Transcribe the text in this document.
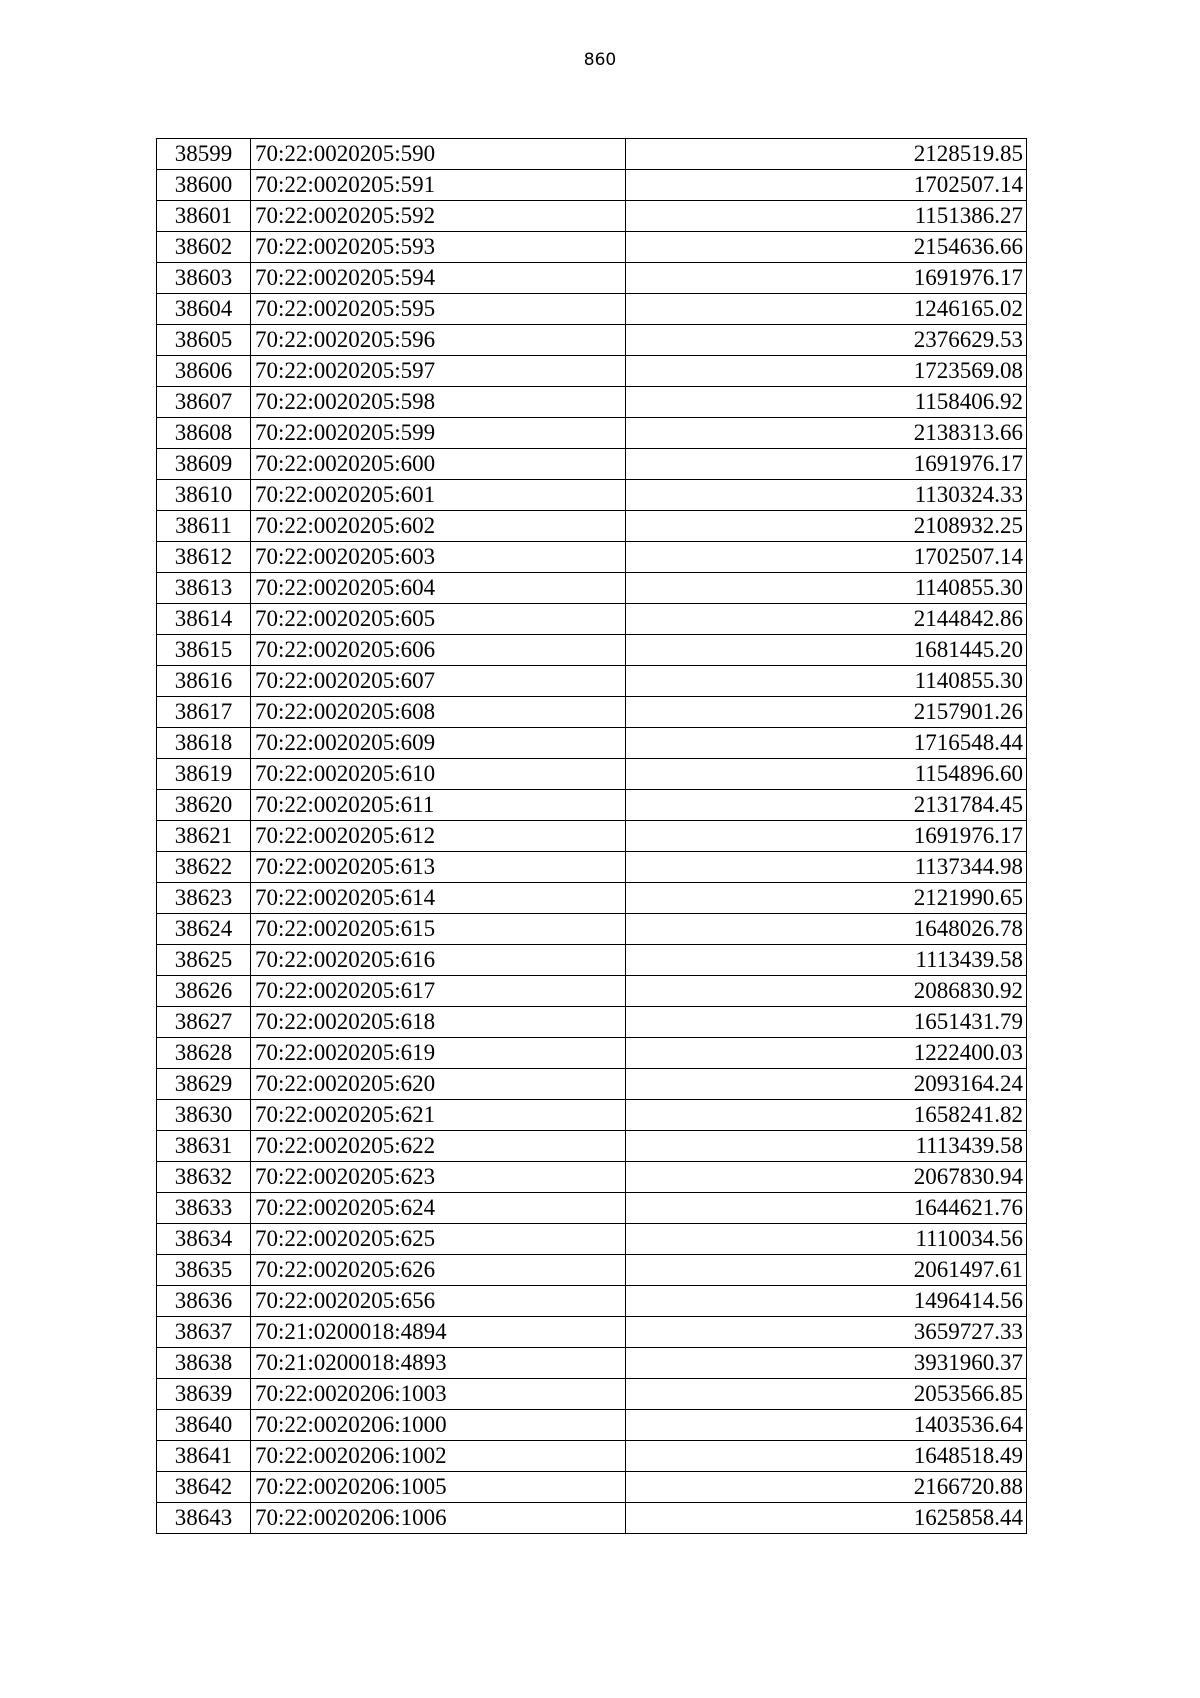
860
38599	70:22:0020205:590	2128519.85
38600	70:22:0020205:591	1702507.14
38601	70:22:0020205:592	1151386.27
38602	70:22:0020205:593	2154636.66
38603	70:22:0020205:594	1691976.17
38604	70:22:0020205:595	1246165.02
38605	70:22:0020205:596	2376629.53
38606	70:22:0020205:597	1723569.08
38607	70:22:0020205:598	1158406.92
38608	70:22:0020205:599	2138313.66
38609	70:22:0020205:600	1691976.17
38610	70:22:0020205:601	1130324.33
38611	70:22:0020205:602	2108932.25
38612	70:22:0020205:603	1702507.14
38613	70:22:0020205:604	1140855.30
38614	70:22:0020205:605	2144842.86
38615	70:22:0020205:606	1681445.20
38616	70:22:0020205:607	1140855.30
38617	70:22:0020205:608	2157901.26
38618	70:22:0020205:609	1716548.44
38619	70:22:0020205:610	1154896.60
38620	70:22:0020205:611	2131784.45
38621	70:22:0020205:612	1691976.17
38622	70:22:0020205:613	1137344.98
38623	70:22:0020205:614	2121990.65
38624	70:22:0020205:615	1648026.78
38625	70:22:0020205:616	1113439.58
38626	70:22:0020205:617	2086830.92
38627	70:22:0020205:618	1651431.79
38628	70:22:0020205:619	1222400.03
38629	70:22:0020205:620	2093164.24
38630	70:22:0020205:621	1658241.82
38631	70:22:0020205:622	1113439.58
38632	70:22:0020205:623	2067830.94
38633	70:22:0020205:624	1644621.76
38634	70:22:0020205:625	1110034.56
38635	70:22:0020205:626	2061497.61
38636	70:22:0020205:656	1496414.56
38637	70:21:0200018:4894	3659727.33
38638	70:21:0200018:4893	3931960.37
38639	70:22:0020206:1003	2053566.85
38640	70:22:0020206:1000	1403536.64
38641	70:22:0020206:1002	1648518.49
38642	70:22:0020206:1005	2166720.88
38643	70:22:0020206:1006	1625858.44
